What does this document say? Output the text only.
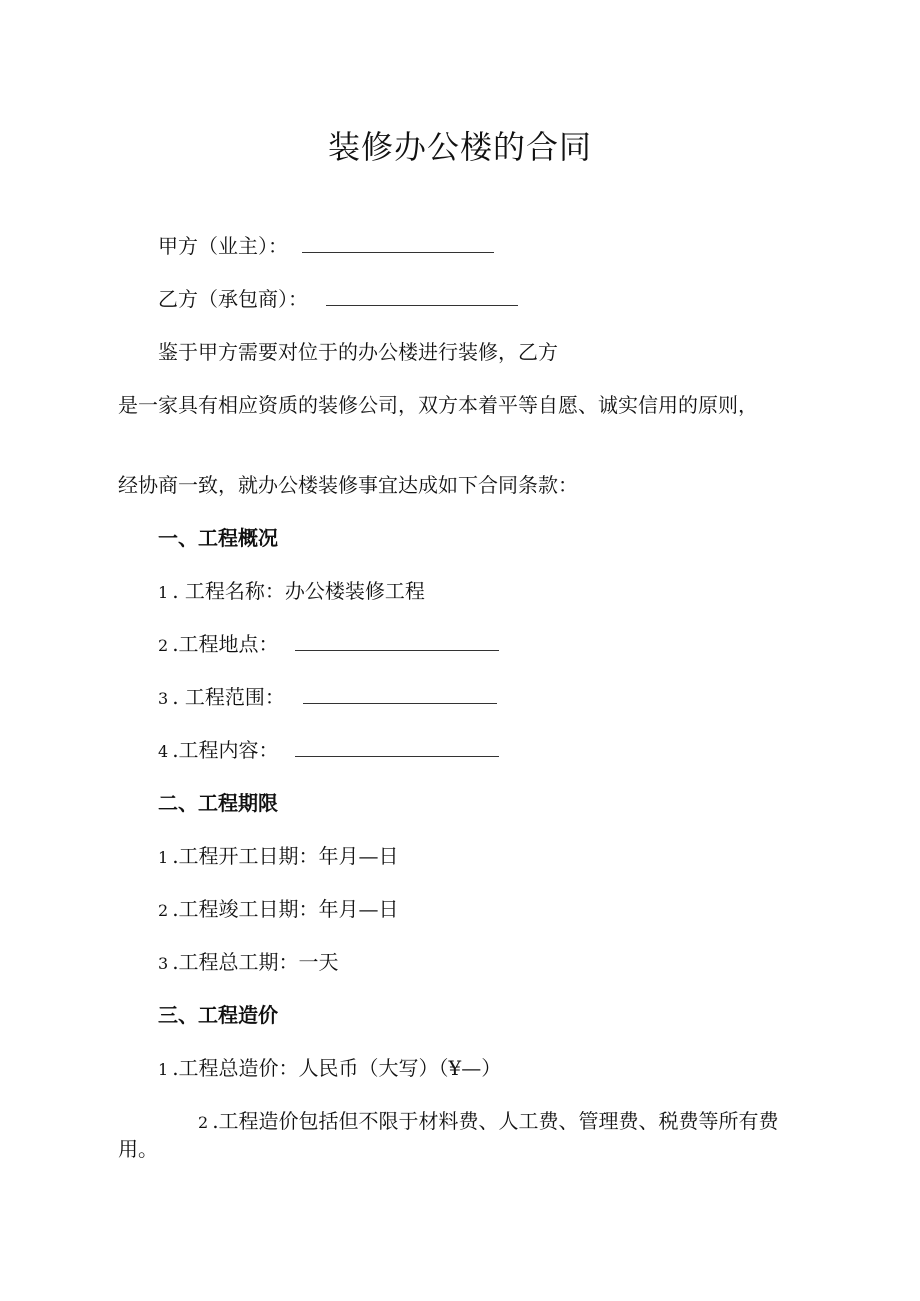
装修办公楼的合同
甲方（业主）：
乙方（承包商）：
鉴于甲方需要对位于的办公楼进行装修，乙方
是一家具有相应资质的装修公司，双方本着平等自愿、诚实信用的原则，
经协商一致，就办公楼装修事宜达成如下合同条款：
一、工程概况
1 . 工程名称：办公楼装修工程
2 .工程地点：
3 . 工程范围：
4 .工程内容：
二、工程期限
1 .工程开工日期：年月—日
2 .工程竣工日期：年月—日
3 .工程总工期：一天
三、工程造价
1 .工程总造价：人民币（大写）（¥—）
2 .工程造价包括但不限于材料费、人工费、管理费、税费等所有费用。
